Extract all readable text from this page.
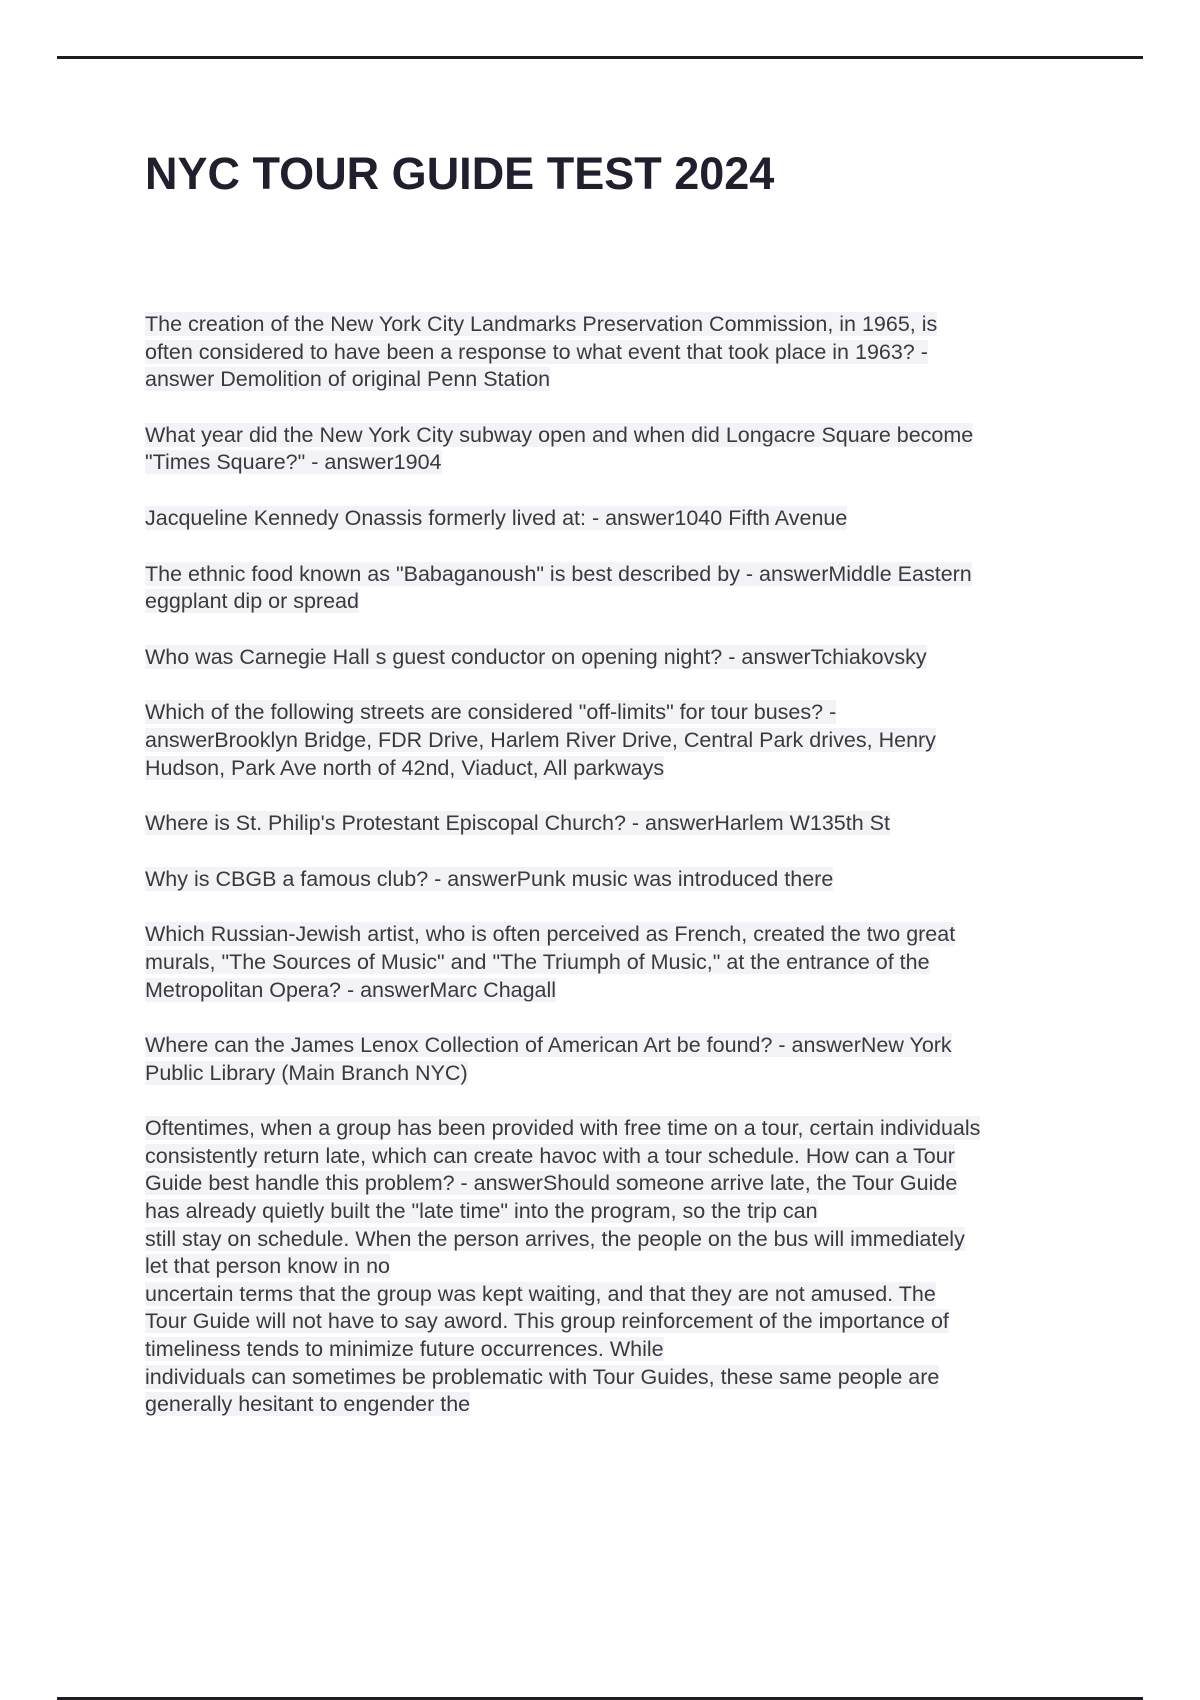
NYC TOUR GUIDE TEST 2024

The creation of the New York City Landmarks Preservation Commission, in 1965, is
often considered to have been a response to what event that took place in 1963? -
answer Demolition of original Penn Station

What year did the New York City subway open and when did Longacre Square become
"Times Square?" - answer1904

Jacqueline Kennedy Onassis formerly lived at: - answer1040 Fifth Avenue

The ethnic food known as "Babaganoush" is best described by - answerMiddle Eastern
eggplant dip or spread

Who was Carnegie Hall s guest conductor on opening night? - answerTchiakovsky

Which of the following streets are considered "off-limits" for tour buses? -
answerBrooklyn Bridge, FDR Drive, Harlem River Drive, Central Park drives, Henry
Hudson, Park Ave north of 42nd, Viaduct, All parkways

Where is St. Philip's Protestant Episcopal Church? - answerHarlem W135th St

Why is CBGB a famous club? - answerPunk music was introduced there

Which Russian-Jewish artist, who is often perceived as French, created the two great
murals, "The Sources of Music" and "The Triumph of Music," at the entrance of the
Metropolitan Opera? - answerMarc Chagall

Where can the James Lenox Collection of American Art be found? - answerNew York
Public Library (Main Branch NYC)

Oftentimes, when a group has been provided with free time on a tour, certain individuals
consistently return late, which can create havoc with a tour schedule. How can a Tour
Guide best handle this problem? - answerShould someone arrive late, the Tour Guide
has already quietly built the "late time" into the program, so the trip can
still stay on schedule. When the person arrives, the people on the bus will immediately
let that person know in no
uncertain terms that the group was kept waiting, and that they are not amused. The
Tour Guide will not have to say aword. This group reinforcement of the importance of
timeliness tends to minimize future occurrences. While
individuals can sometimes be problematic with Tour Guides, these same people are
generally hesitant to engender the
